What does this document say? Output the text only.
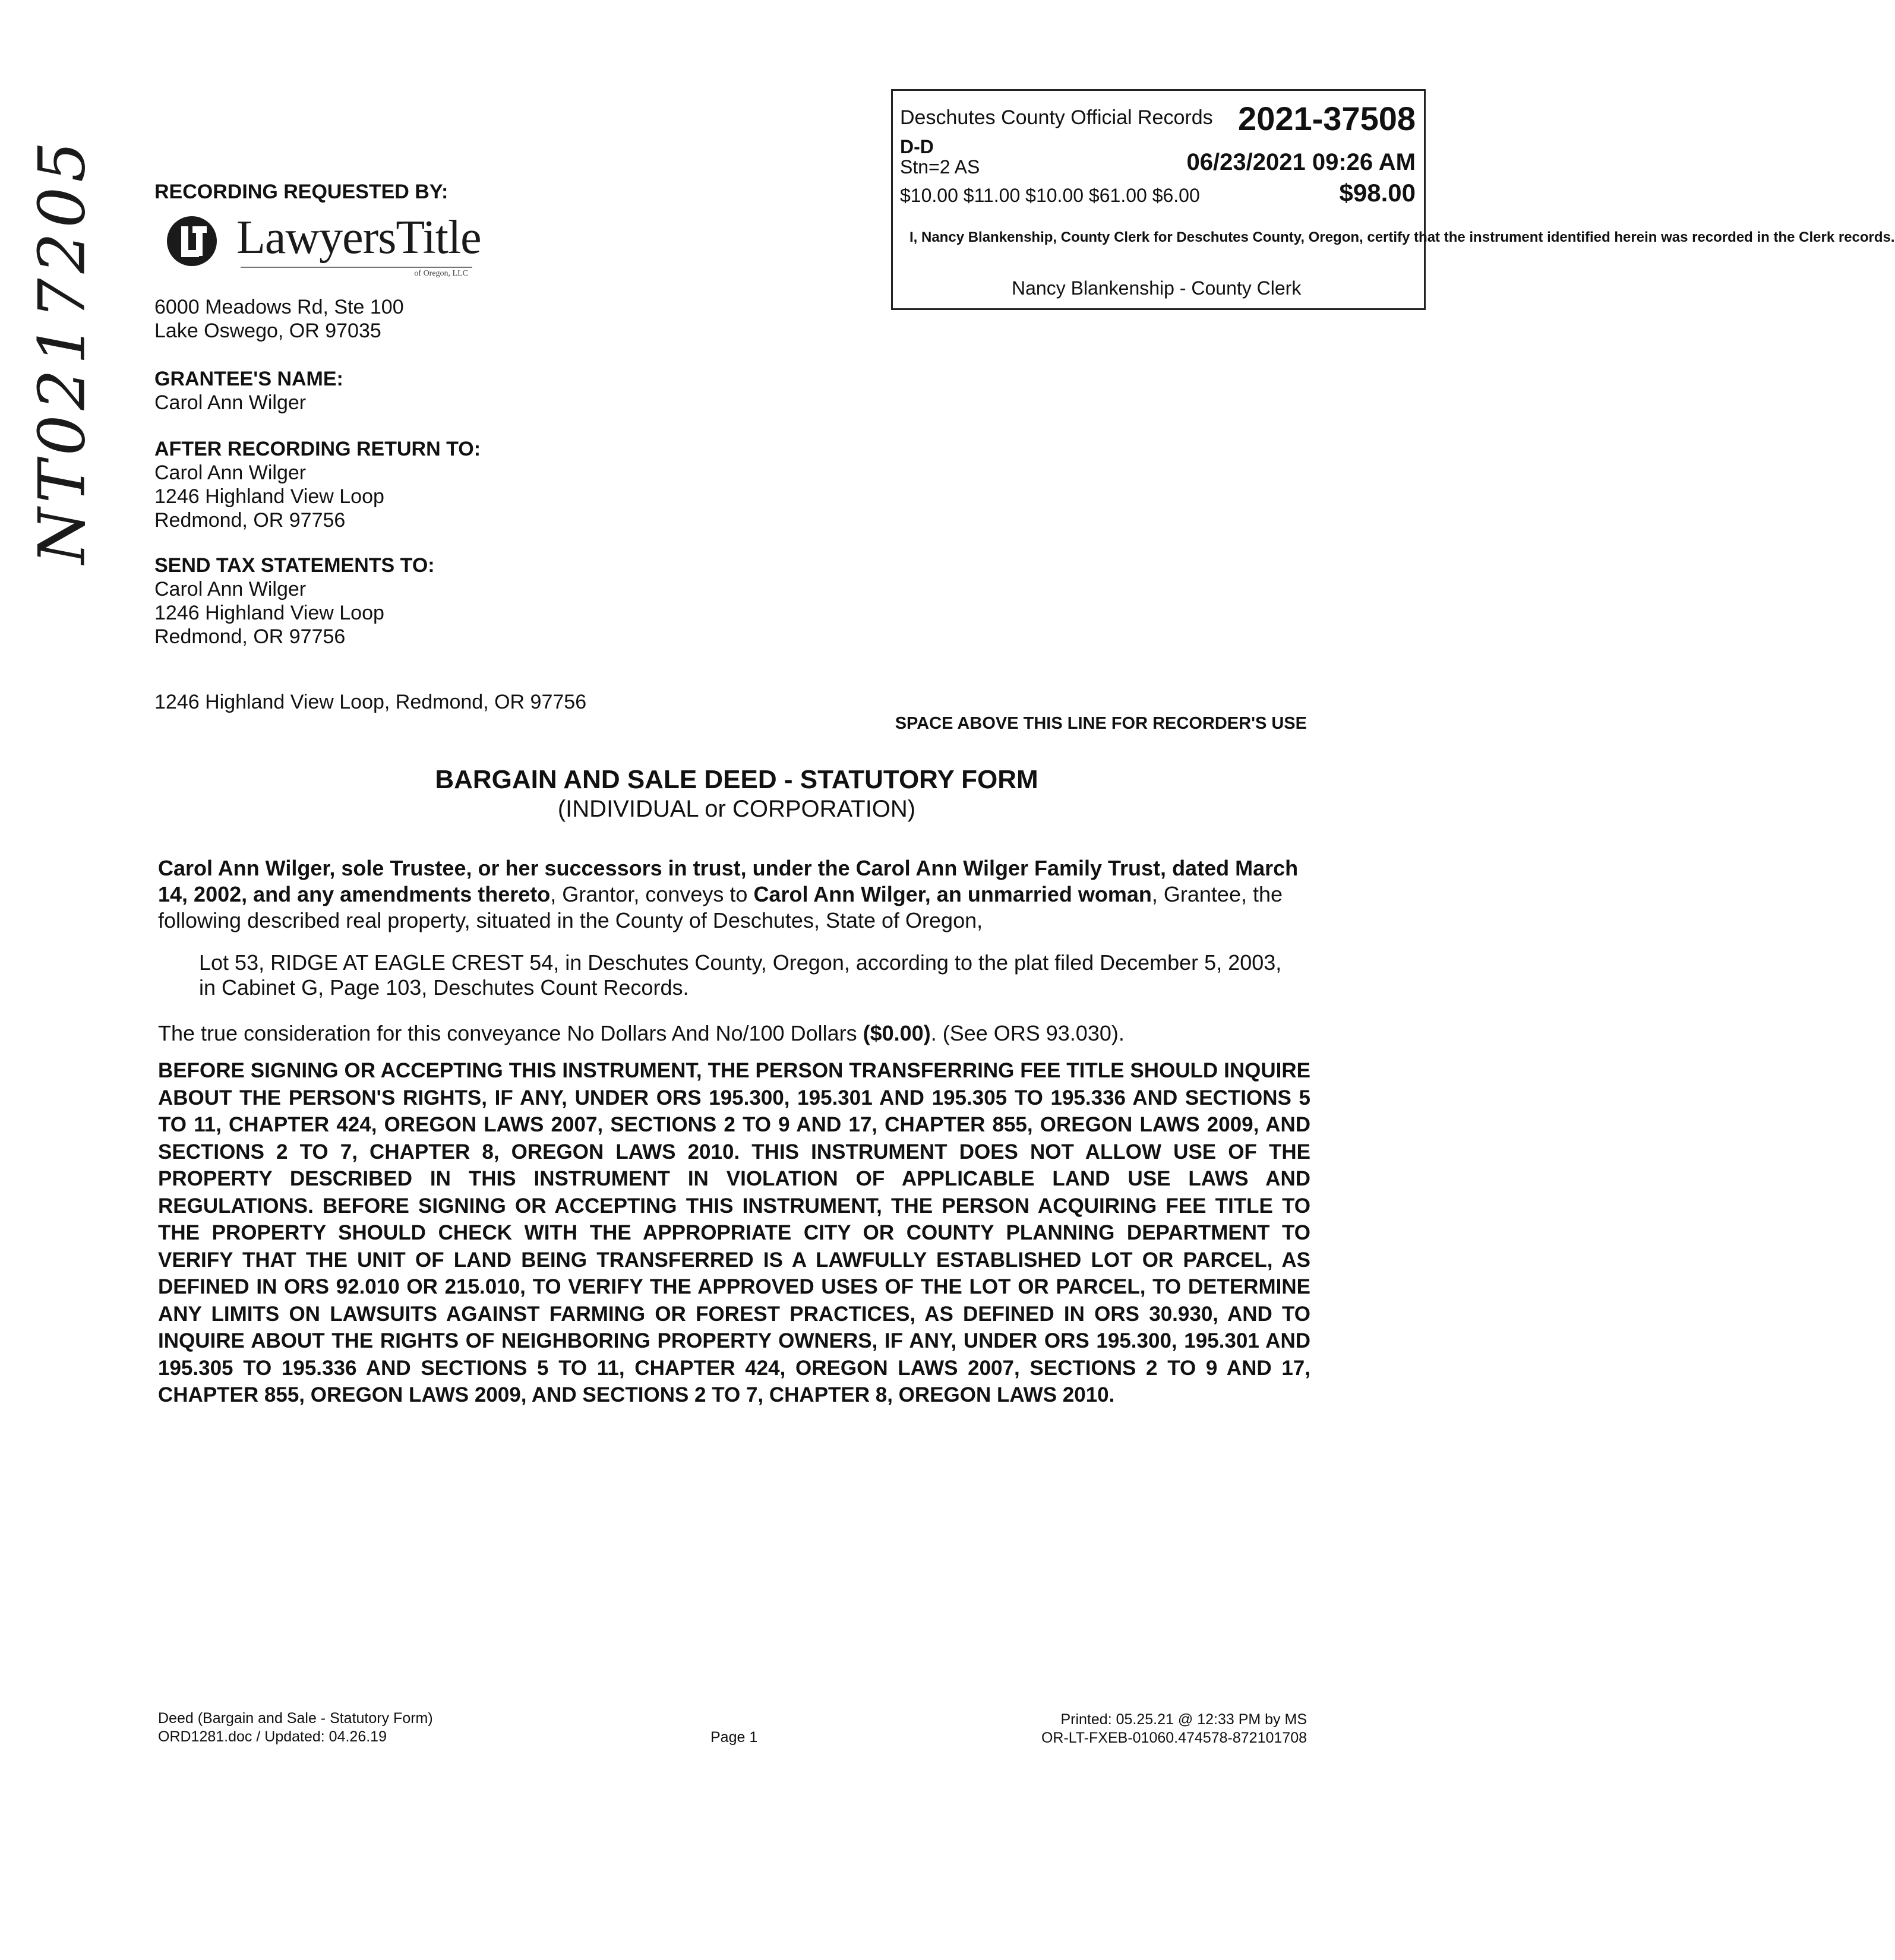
NT0217205
Deschutes County Official Records 2021-37508
D-D
Stn=2 AS	06/23/2021 09:26 AM
$10.00 $11.00 $10.00 $61.00 $6.00	$98.00
I, Nancy Blankenship, County Clerk for Deschutes County, Oregon, certify that the instrument identified herein was recorded in the Clerk records.
Nancy Blankenship - County Clerk
RECORDING REQUESTED BY:
LawyersTitle
of Oregon, LLC
6000 Meadows Rd, Ste 100
Lake Oswego, OR 97035
GRANTEE'S NAME:
Carol Ann Wilger
AFTER RECORDING RETURN TO:
Carol Ann Wilger
1246 Highland View Loop
Redmond, OR 97756
SEND TAX STATEMENTS TO:
Carol Ann Wilger
1246 Highland View Loop
Redmond, OR 97756
1246 Highland View Loop, Redmond, OR 97756
SPACE ABOVE THIS LINE FOR RECORDER'S USE
BARGAIN AND SALE DEED - STATUTORY FORM
(INDIVIDUAL or CORPORATION)
Carol Ann Wilger, sole Trustee, or her successors in trust, under the Carol Ann Wilger Family Trust, dated March 14, 2002, and any amendments thereto, Grantor, conveys to Carol Ann Wilger, an unmarried woman, Grantee, the following described real property, situated in the County of Deschutes, State of Oregon,
Lot 53, RIDGE AT EAGLE CREST 54, in Deschutes County, Oregon, according to the plat filed December 5, 2003, in Cabinet G, Page 103, Deschutes Count Records.
The true consideration for this conveyance No Dollars And No/100 Dollars ($0.00). (See ORS 93.030).
BEFORE SIGNING OR ACCEPTING THIS INSTRUMENT, THE PERSON TRANSFERRING FEE TITLE SHOULD INQUIRE ABOUT THE PERSON'S RIGHTS, IF ANY, UNDER ORS 195.300, 195.301 AND 195.305 TO 195.336 AND SECTIONS 5 TO 11, CHAPTER 424, OREGON LAWS 2007, SECTIONS 2 TO 9 AND 17, CHAPTER 855, OREGON LAWS 2009, AND SECTIONS 2 TO 7, CHAPTER 8, OREGON LAWS 2010. THIS INSTRUMENT DOES NOT ALLOW USE OF THE PROPERTY DESCRIBED IN THIS INSTRUMENT IN VIOLATION OF APPLICABLE LAND USE LAWS AND REGULATIONS. BEFORE SIGNING OR ACCEPTING THIS INSTRUMENT, THE PERSON ACQUIRING FEE TITLE TO THE PROPERTY SHOULD CHECK WITH THE APPROPRIATE CITY OR COUNTY PLANNING DEPARTMENT TO VERIFY THAT THE UNIT OF LAND BEING TRANSFERRED IS A LAWFULLY ESTABLISHED LOT OR PARCEL, AS DEFINED IN ORS 92.010 OR 215.010, TO VERIFY THE APPROVED USES OF THE LOT OR PARCEL, TO DETERMINE ANY LIMITS ON LAWSUITS AGAINST FARMING OR FOREST PRACTICES, AS DEFINED IN ORS 30.930, AND TO INQUIRE ABOUT THE RIGHTS OF NEIGHBORING PROPERTY OWNERS, IF ANY, UNDER ORS 195.300, 195.301 AND 195.305 TO 195.336 AND SECTIONS 5 TO 11, CHAPTER 424, OREGON LAWS 2007, SECTIONS 2 TO 9 AND 17, CHAPTER 855, OREGON LAWS 2009, AND SECTIONS 2 TO 7, CHAPTER 8, OREGON LAWS 2010.
Deed (Bargain and Sale - Statutory Form)
ORD1281.doc / Updated: 04.26.19	Page 1
Printed: 05.25.21 @ 12:33 PM by MS
OR-LT-FXEB-01060.474578-872101708
